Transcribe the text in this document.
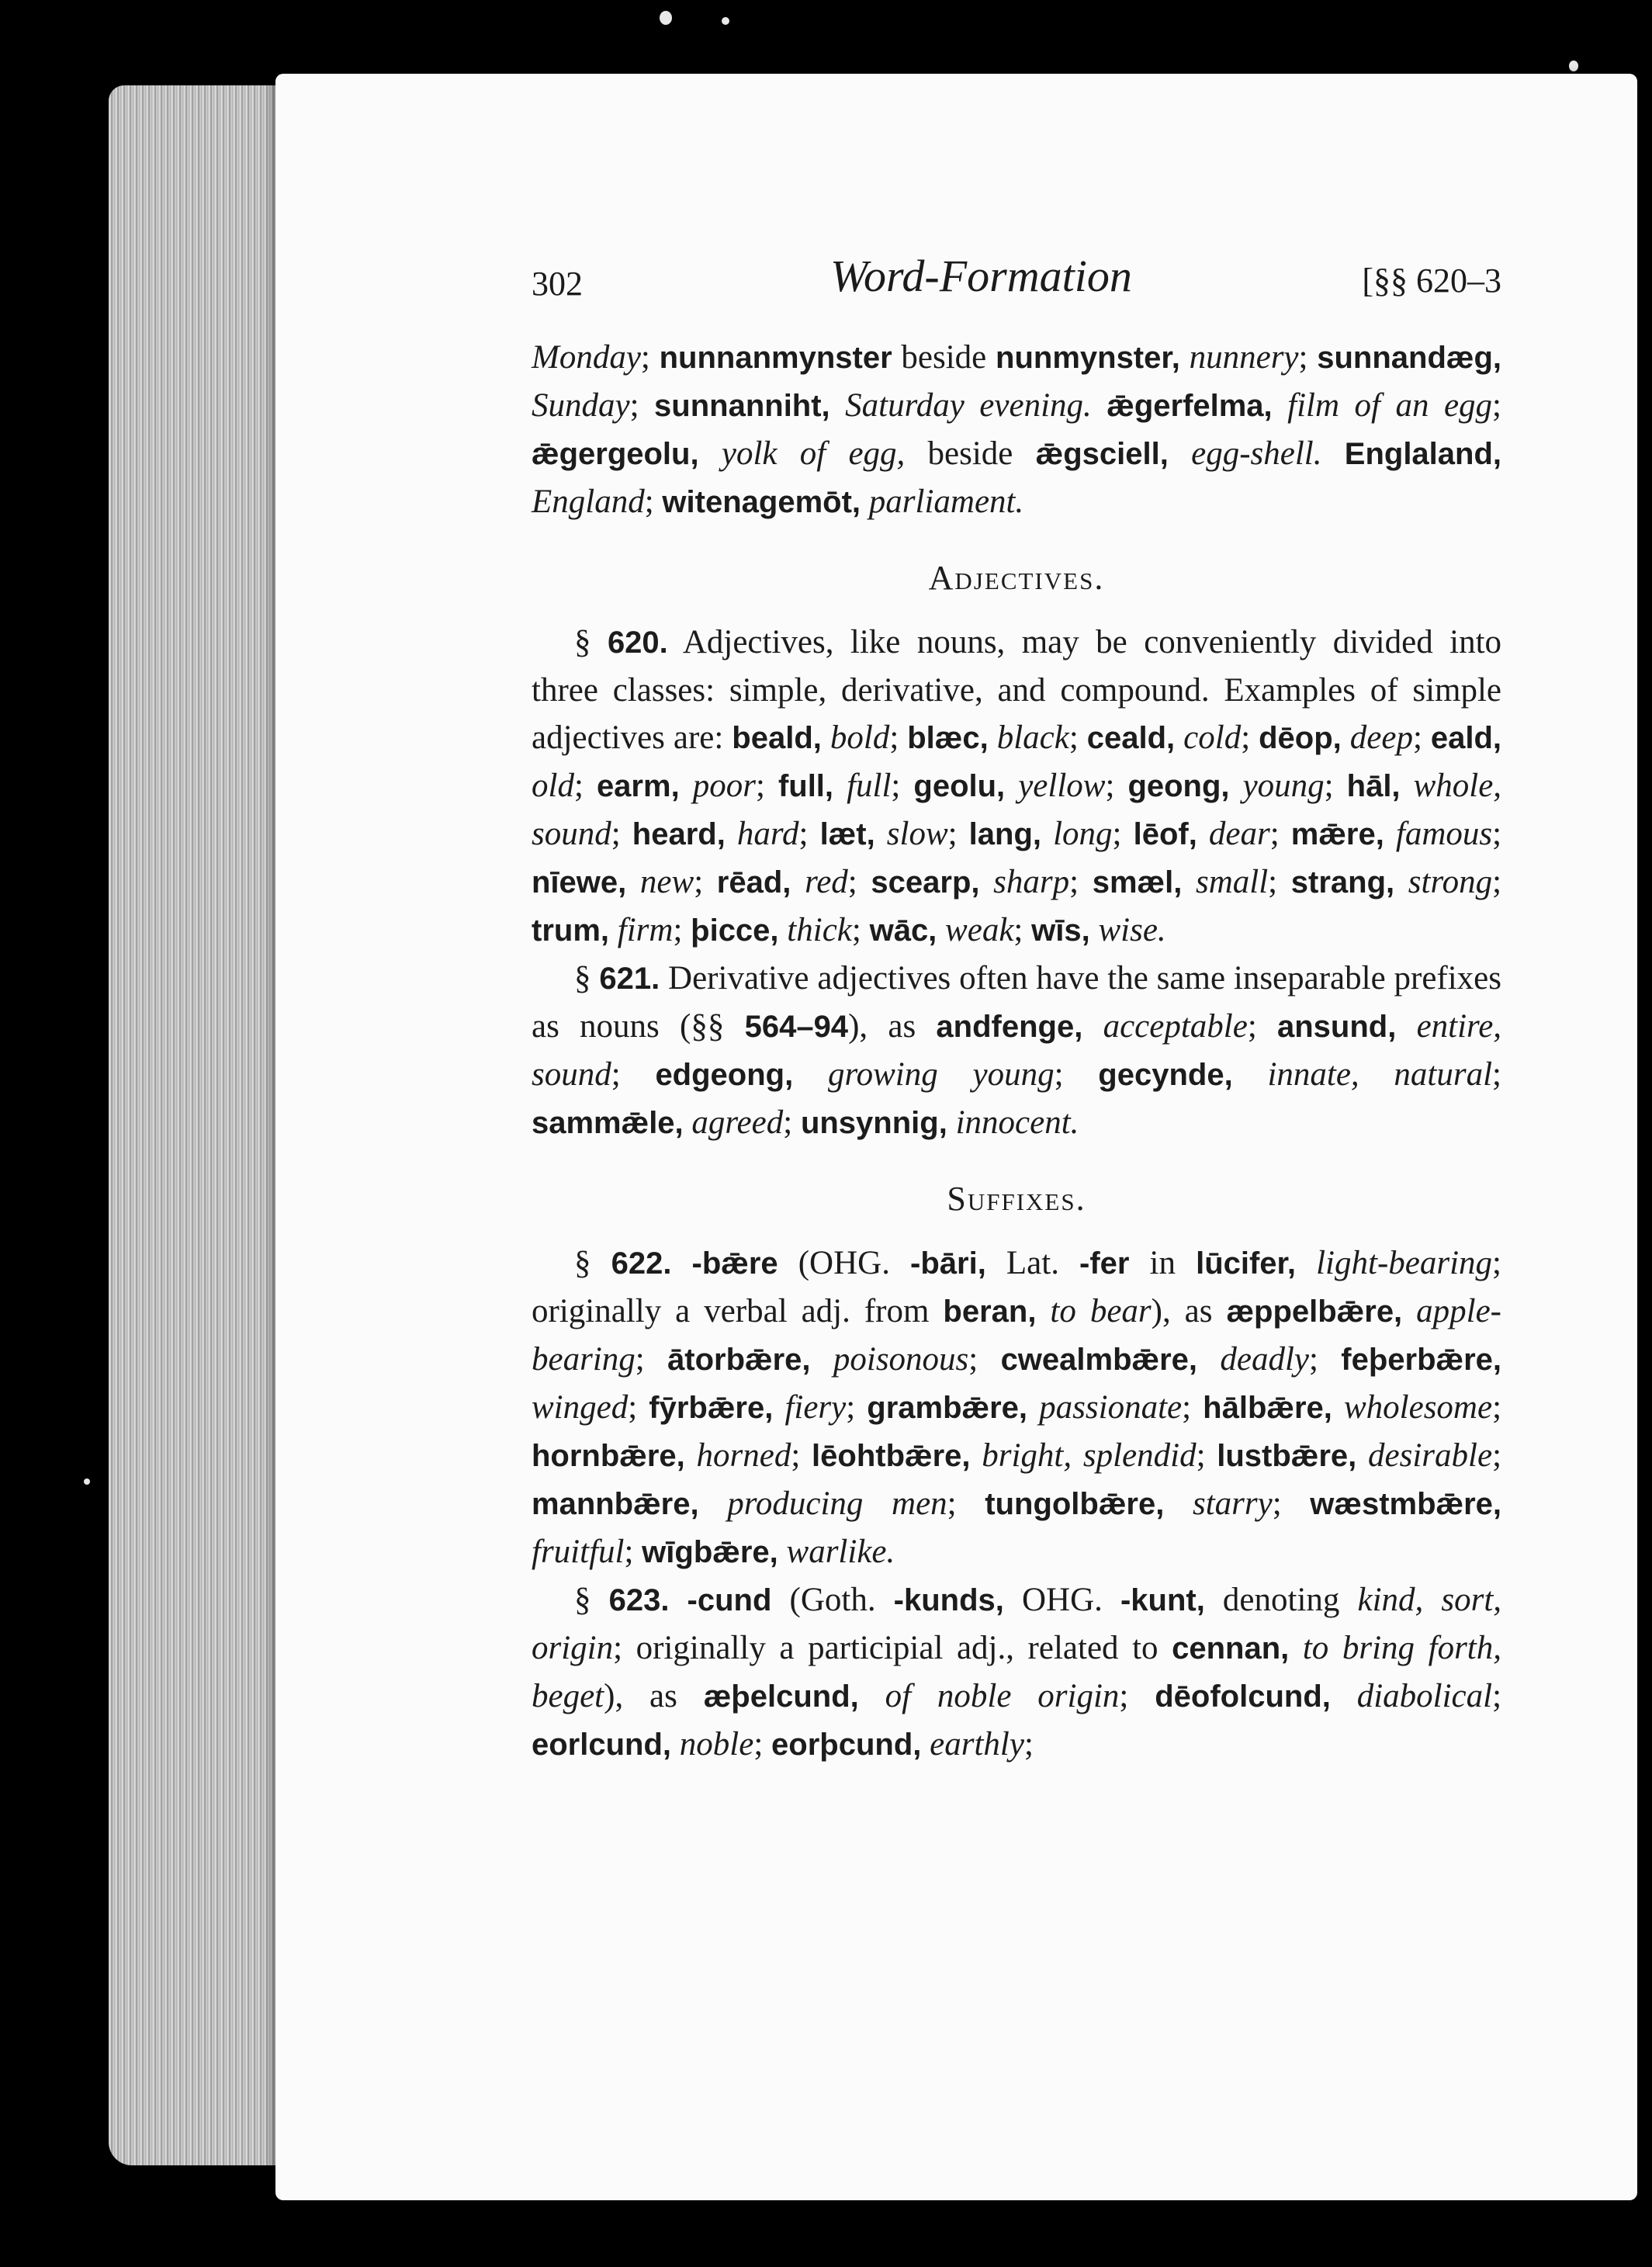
302	Word-Formation	[§§ 620–3

Monday; nunnanmynster beside nunmynster, nunnery; sunnandæg, Sunday; sunnanniht, Saturday evening. ǣgerfelma, film of an egg; ǣgergeolu, yolk of egg, beside ǣgsciell, egg-shell. Englaland, England; witenagemōt, parliament.

Adjectives.

§ 620. Adjectives, like nouns, may be conveniently divided into three classes: simple, derivative, and compound. Examples of simple adjectives are: beald, bold; blæc, black; ceald, cold; dēop, deep; eald, old; earm, poor; full, full; geolu, yellow; geong, young; hāl, whole, sound; heard, hard; læt, slow; lang, long; lēof, dear; mǣre, famous; nīewe, new; rēad, red; scearp, sharp; smæl, small; strang, strong; trum, firm; þicce, thick; wāc, weak; wīs, wise.

§ 621. Derivative adjectives often have the same inseparable prefixes as nouns (§§ 564–94), as andfenge, acceptable; ansund, entire, sound; edgeong, growing young; gecynde, innate, natural; sammǣle, agreed; unsynnig, innocent.

Suffixes.

§ 622. -bǣre (OHG. -bāri, Lat. -fer in lūcifer, light-bearing; originally a verbal adj. from beran, to bear), as æppelbǣre, apple-bearing; ātorbǣre, poisonous; cwealmbǣre, deadly; feþerbǣre, winged; fȳrbǣre, fiery; grambǣre, passionate; hālbǣre, wholesome; hornbǣre, horned; lēohtbǣre, bright, splendid; lustbǣre, desirable; mannbǣre, producing men; tungolbǣre, starry; wæstmbǣre, fruitful; wīgbǣre, warlike.

§ 623. -cund (Goth. -kunds, OHG. -kunt, denoting kind, sort, origin; originally a participial adj., related to cennan, to bring forth, beget), as æþelcund, of noble origin; dēofolcund, diabolical; eorlcund, noble; eorþcund, earthly;
